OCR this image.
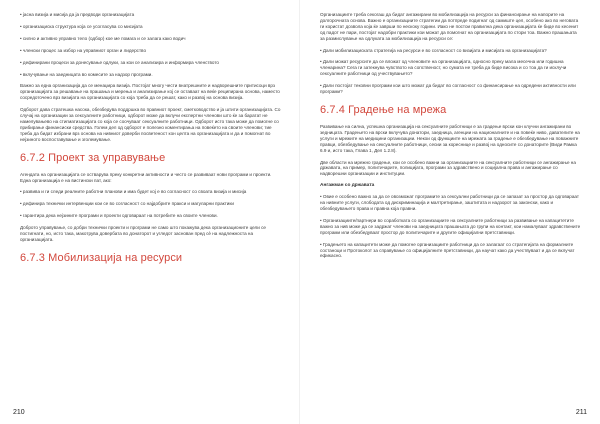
• јасна визија и мисија да ја предводи организацијата

• организациска структура која се усогласува со мисијата

• силно и активно управно тело (одбор) кое ме помага и се залага како водич

• членски процес за избор на управниот орган и лидерство

• дефинирани процеси за донесување одлуки, за кои се анализира и информира членството

• вклучување на заедницата во комесите за надзор програми.

Важно за една организација да се менаџира визија. Постојат многу чести внатрешните и надворешните притисоци врз организацијата за решавање на прашања и мерења и анализирање кој се оставаат на веќе реципирана основа, наместо сосредоточено врз визијата на организацијата со која треба да се решат, како и развој на основа визија.

Одборот дава стратешка насока, обезбедува поддршка во правниот проект, сметководство и ја штити организацијата. Со случај на организации за сексуалните работници, одборот може да вклучи експертни членови што ќе за баратат не намелувањево на стигматизацијата со која се соочуваат сексуалните работници. Одборот исто така може да помогне со прибирање финансиски средства. Голем дел од одборот е полезно коментирања на повеќето на своите членови; тие треба да бидат избрани врз основа на нивниот доверби посветеност кон целта на организацијата и да и помогнат во нејзиното воспоставување и зголемување.

6.7.2 Проект за управување

Агендата на организацијата се остварува преку конкретни активности и често се развиваат нови програми и проекти. Една организација е на вистински пат, ако:

• развива и ги следи реалните работни планови и има будет кој е во согласност со своата визија и мисија

• дефинира технички интервенции кои се во согласност со најдобрите пракси и магуларни практики

• гарантира дека нејзините програми и проекти одговараат на потребите на своите членови.

Доброто управување, со добри технички проекти и програми не само што покажува дека организационите цели се постигнати, но, исто така, макотрува довербата во донаторот и угледот заснован пред сè на надлежноста на организацијата.

6.7.3 Мобилизација на ресурси
210

Организациите треба секогаш да бидат ангажирани во мобилизација на ресурси за финансирање на напорите на долгорочната основа. Важно е организациите стратегии да потпреде подигнат од самиште цел, особено ако во неговата ги користат дозвола која ќе заврши по нескоку години. Иако не постои правилна дека организацијата ќе биде во кесенит од падот не пари, постојат надобри практики кои можат да помогнат на организацијата по стори тоа. Важно прашањата за размислување на одлуката за мобилизација на ресурси се:

• Дали мобилизациската стратегија на ресурси е во согласност со визијата и мисијата на организацијата?

• Дали можат ресурсите да се вложат од членовите на организацијата, односно преку мала месечна или годишна членарина? Сега ги затекнува чувството на сопственост, но сумата не треба да биде висока и со тоа да ги исклучи сексуалните работници од учествувањето?

• Дали постојат тековни програми кои што можат да бидат во согласност со финансирање на одредени активности или програми?

6.7.4 Градење на мрежа

Развивање на силна, успешна организација на сексуалните работници е за градење врски кон клучни ангажирани во зедницата. Градењето на врски вклучува донатори, заедница, агенции на националните и на повеќе ниво, давателите на услуги и мрежите на медицини организации. Некои од функциите на мрежата за градење е обезбедување на поважните правци, обезбедување на сексуалните работници, сесии за кореснице и развој на односите со донаторите (Види Рамка 6.9 и, исто така, Глава 1, Дел 1.2.8).

Две области на мрежно градење, кои се особено важни за организациите на сексуалните работници се ангажирање на државата, на пример, политичарите, полицијата, програми за здравствено и социјална права и ангажирање со надворешни организации и институции.

Ангажман со државата

• Овие е особено важно за да се овозможат програмите за сексуални работници да се запазат за простор да одговараат на нивните услуги, слободата од дискриминација и малтретирање, заштитата и надзорот за законски, како и обезбедувањето права и правна која правни.

• Организациите/партнери во соработката со организациите на сексуалните работници за развивање на капацитетите важно за нив може да се задржат членови на заедницата прашањата до групи на контакт, кои намалуваат здравствените програми или обезбедуваат простор до политичарите и другите официјални претставници.

• Градењето на капацитети може да помогне организациите работници да се залагаат со стратегијата на формалните состаноци и Протоколот за справување со официјалните претставници, да научат како да учествуваат и да се вклучат ефикасно.

211
